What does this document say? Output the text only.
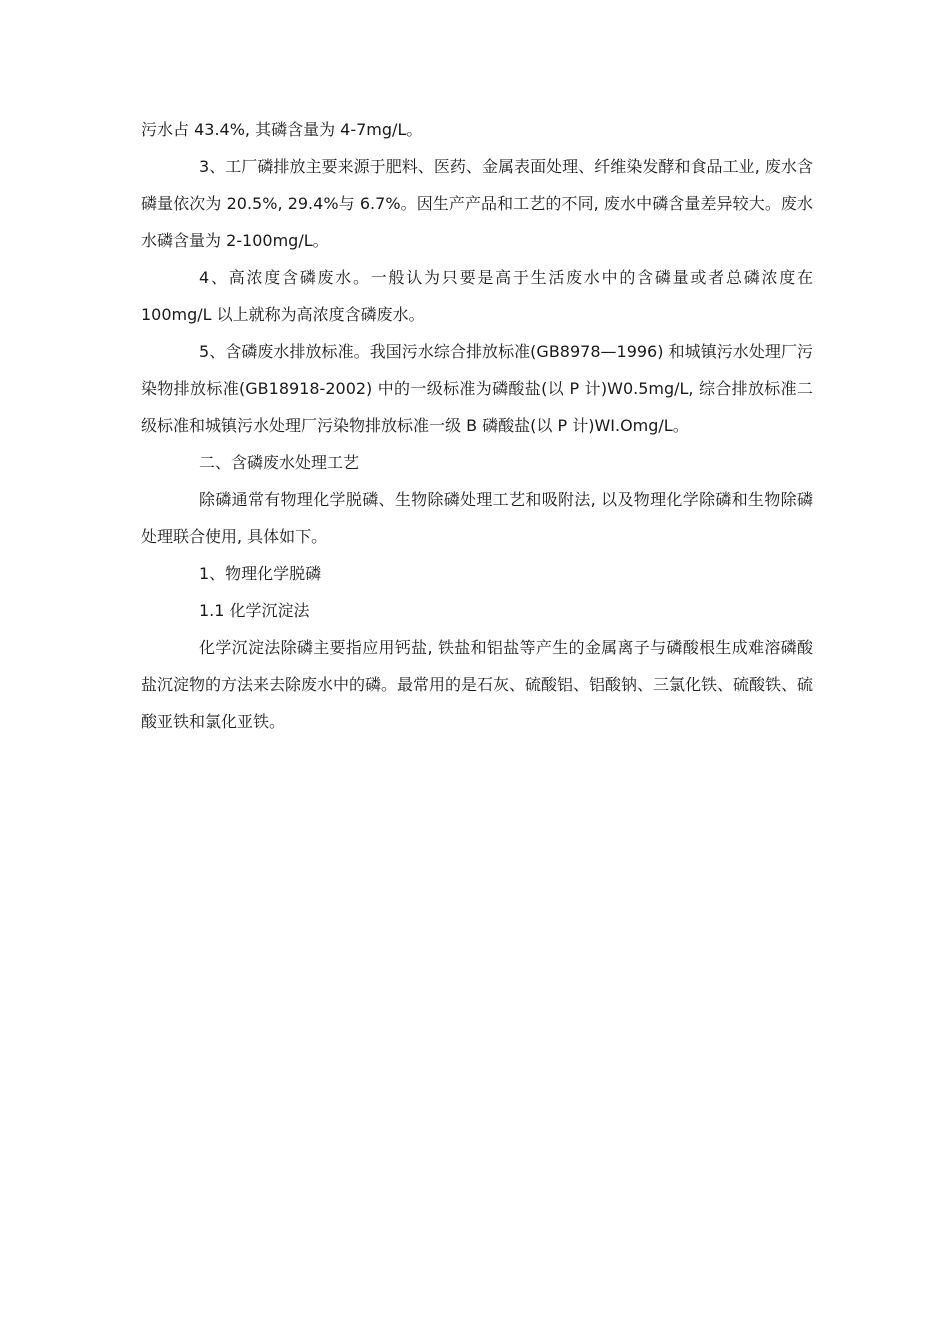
污水占 43.4%, 其磷含量为 4-7mg/L。

3、工厂磷排放主要来源于肥料、医药、金属表面处理、纤维染发酵和食品工业, 废水含磷量依次为 20.5%, 29.4%与 6.7%。因生产产品和工艺的不同, 废水中磷含量差异较大。废水水磷含量为 2-100mg/L。

4、高浓度含磷废水。一般认为只要是高于生活废水中的含磷量或者总磷浓度在 100mg/L 以上就称为高浓度含磷废水。

5、含磷废水排放标准。我国污水综合排放标准(GB8978—1996) 和城镇污水处理厂污染物排放标准(GB18918-2002) 中的一级标准为磷酸盐(以 P 计)W0.5mg/L, 综合排放标准二级标准和城镇污水处理厂污染物排放标准一级 B 磷酸盐(以 P 计)WI.Omg/L。

二、含磷废水处理工艺

除磷通常有物理化学脱磷、生物除磷处理工艺和吸附法, 以及物理化学除磷和生物除磷处理联合使用, 具体如下。

1、物理化学脱磷

1.1 化学沉淀法

化学沉淀法除磷主要指应用钙盐, 铁盐和铝盐等产生的金属离子与磷酸根生成难溶磷酸盐沉淀物的方法来去除废水中的磷。最常用的是石灰、硫酸铝、铝酸钠、三氯化铁、硫酸铁、硫酸亚铁和氯化亚铁。
